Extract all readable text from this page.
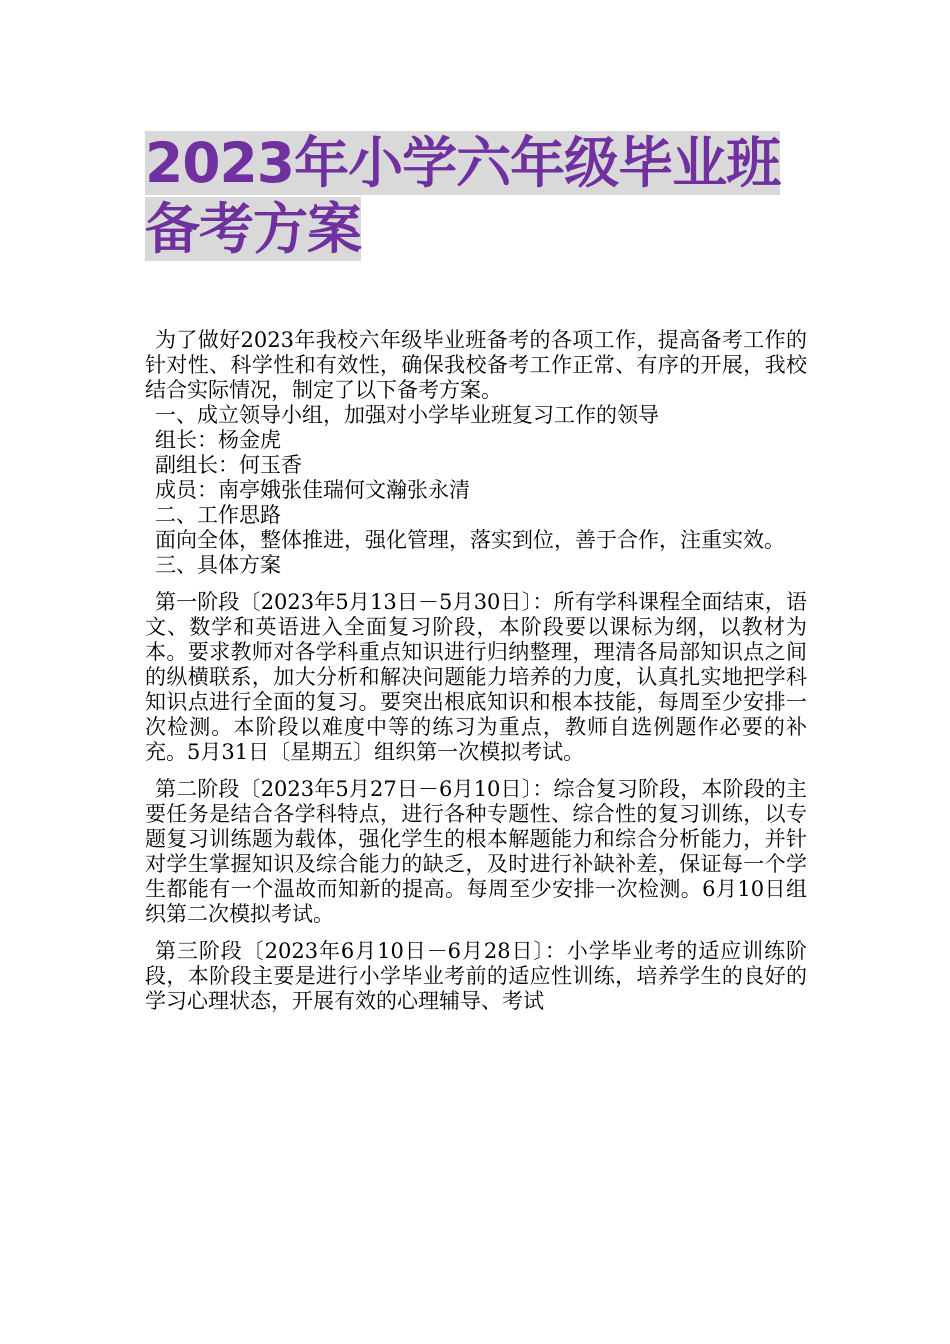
2023年小学六年级毕业班备考方案

为了做好2023年我校六年级毕业班备考的各项工作，提高备考工作的针对性、科学性和有效性，确保我校备考工作正常、有序的开展，我校结合实际情况，制定了以下备考方案。

一、成立领导小组，加强对小学毕业班复习工作的领导

组长：杨金虎

副组长：何玉香

成员：南亭娥张佳瑞何文瀚张永清

二、工作思路

面向全体，整体推进，强化管理，落实到位，善于合作，注重实效。

三、具体方案

第一阶段〔2023年5月13日－5月30日〕：所有学科课程全面结束，语文、数学和英语进入全面复习阶段，本阶段要以课标为纲，以教材为本。要求教师对各学科重点知识进行归纳整理，理清各局部知识点之间的纵横联系，加大分析和解决问题能力培养的力度，认真扎实地把学科知识点进行全面的复习。要突出根底知识和根本技能，每周至少安排一次检测。本阶段以难度中等的练习为重点，教师自选例题作必要的补充。5月31日〔星期五〕组织第一次模拟考试。

第二阶段〔2023年5月27日－6月10日〕：综合复习阶段，本阶段的主要任务是结合各学科特点，进行各种专题性、综合性的复习训练，以专题复习训练题为载体，强化学生的根本解题能力和综合分析能力，并针对学生掌握知识及综合能力的缺乏，及时进行补缺补差，保证每一个学生都能有一个温故而知新的提高。每周至少安排一次检测。6月10日组织第二次模拟考试。

第三阶段〔2023年6月10日－6月28日〕：小学毕业考的适应训练阶段，本阶段主要是进行小学毕业考前的适应性训练，培养学生的良好的学习心理状态，开展有效的心理辅导、考试
